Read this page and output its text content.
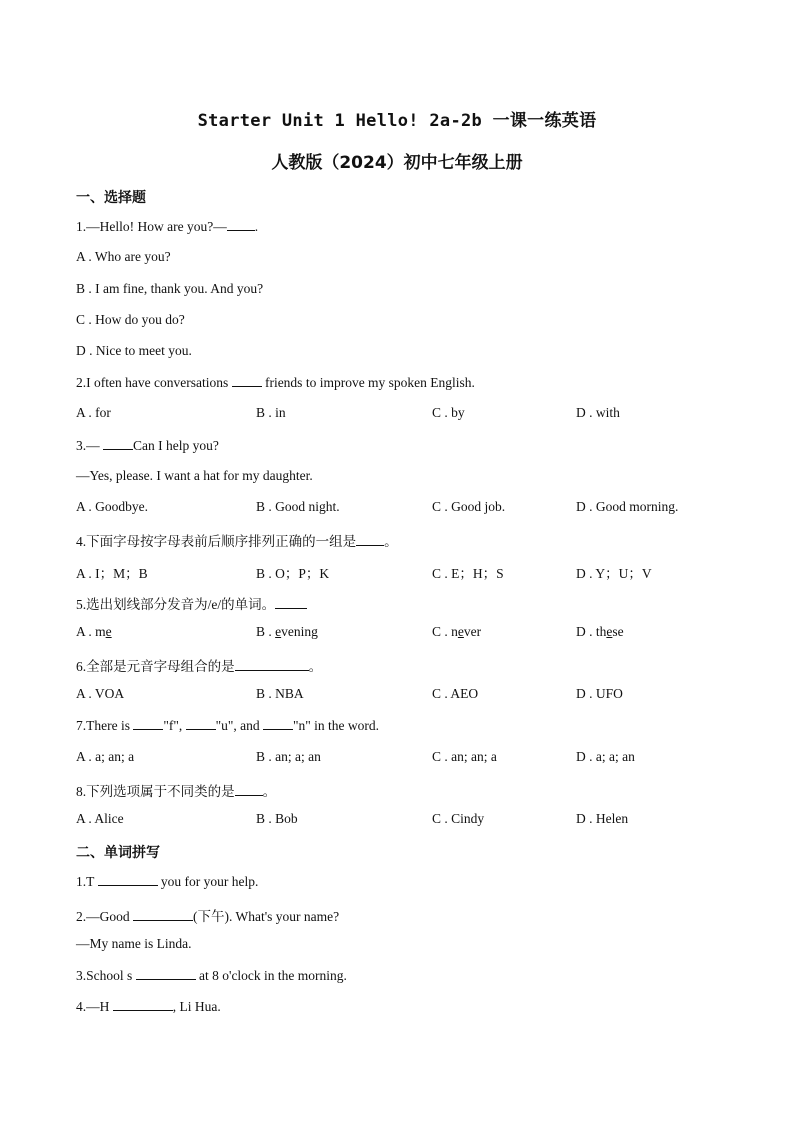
Starter Unit 1 Hello! 2a-2b 一课一练英语
人教版（2024）初中七年级上册
一、选择题
1.—Hello! How are you?— .
A . Who are you?
B . I am fine, thank you. And you?
C . How do you do?
D . Nice to meet you.
2.I often have conversations	friends to improve my spoken English.
A . for	B . in	C . by	D . with
3.— Can I help you?
—Yes, please. I want a hat for my daughter.
A . Goodbye.	B . Good night.	C . Good job.	D . Good morning.
4.下面字母按字母表前后顺序排列正确的一组是 。
A . I；M；B	B . O；P；K	C . E；H；S	D . Y；U；V
5.选出划线部分发音为/e/的单词。
A . me	B . evening	C . never	D . these
6.全部是元音字母组合的是	。
A . VOA	B . NBA	C . AEO	D . UFO
7.There is "f", "u", and "n" in the word.
A . a; an; a	B . an; a; an	C . an; an; a	D . a; a; an
8.下列选项属于不同类的是 。
A . Alice	B . Bob	C . Cindy	D . Helen
二、单词拼写
1.T	you for your help.
2.—Good	(下午). What's your name?
—My name is Linda.
3.School s	at 8 o'clock in the morning.
4.—H	, Li Hua.
